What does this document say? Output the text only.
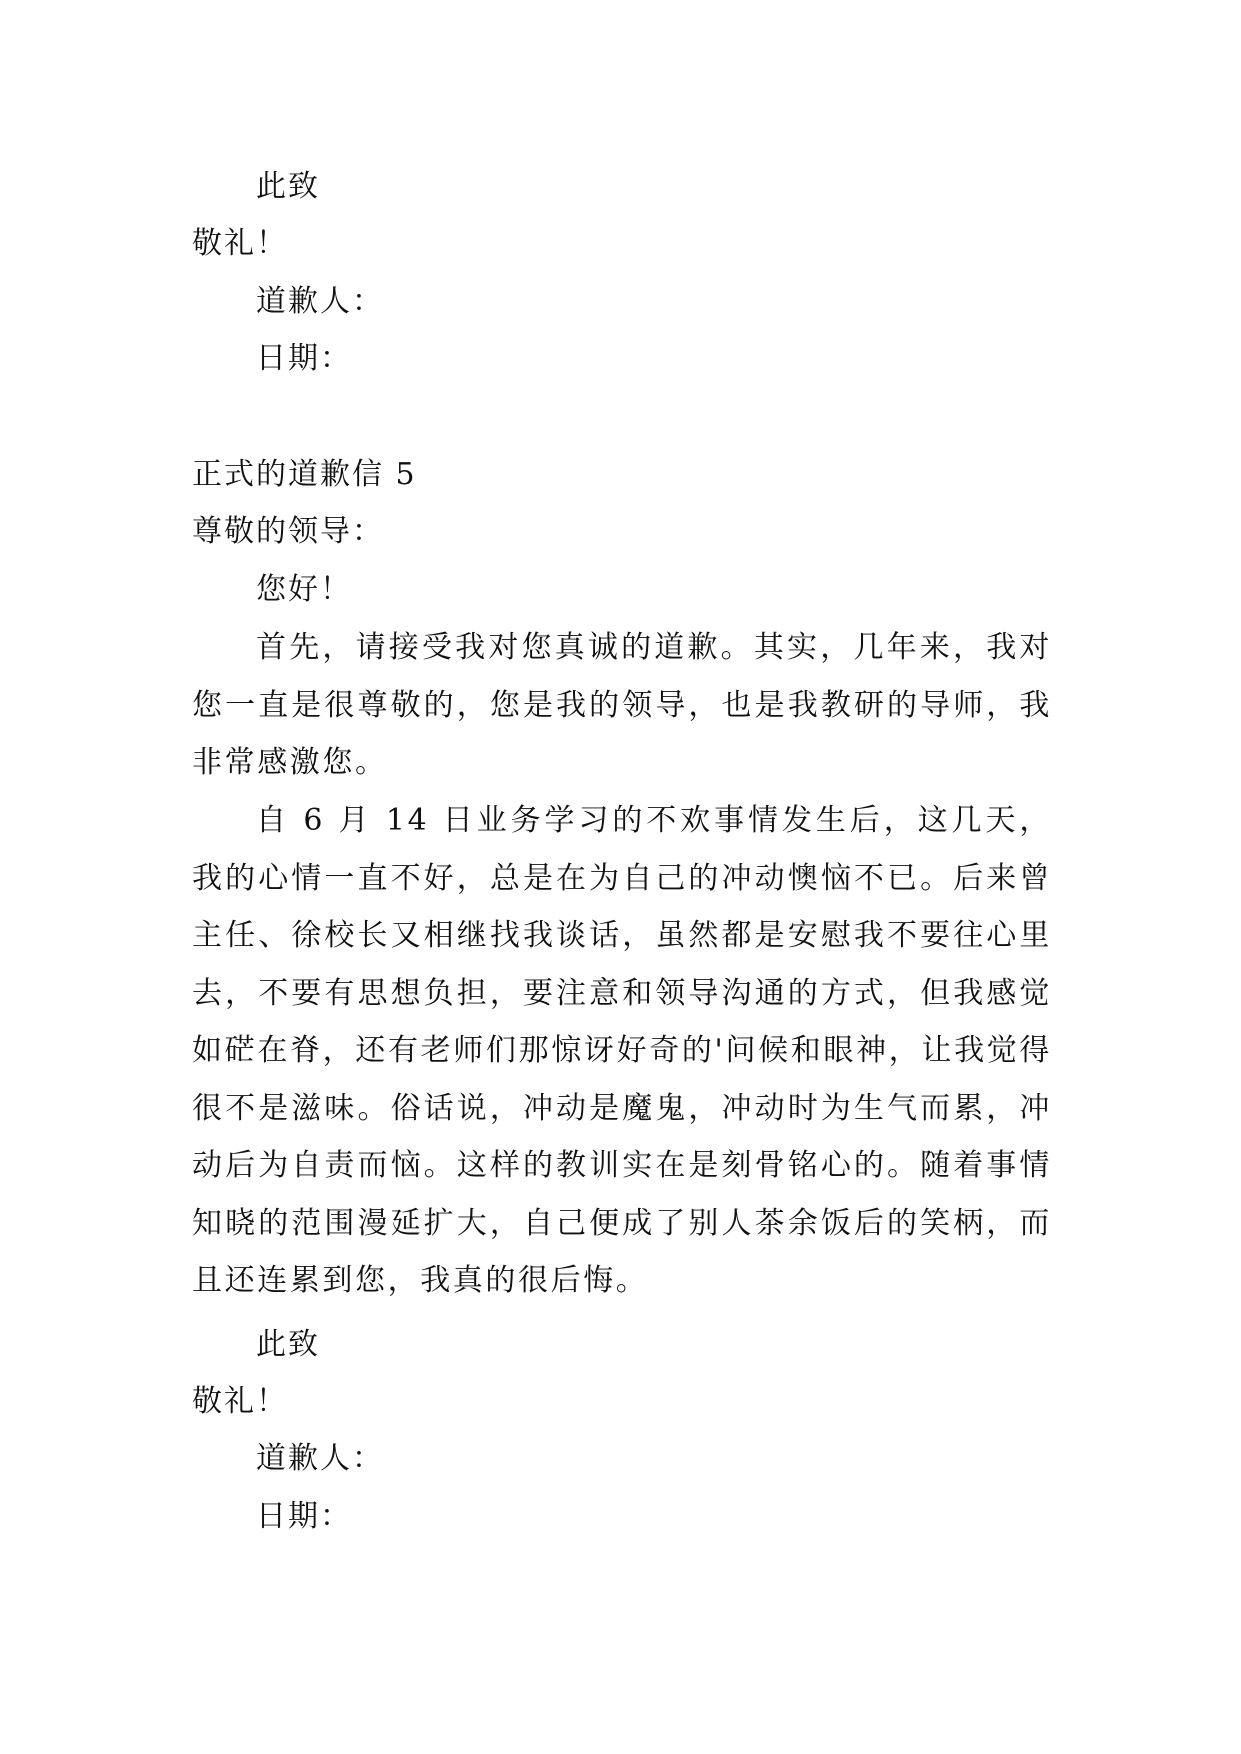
此致
敬礼！
道歉人：
日期：
正式的道歉信 5
尊敬的领导：
您好！

首先，请接受我对您真诚的道歉。其实，几年来，我对您一直是很尊敬的，您是我的领导，也是我教研的导师，我非常感激您。

自 6 月 14 日业务学习的不欢事情发生后，这几天，我的心情一直不好，总是在为自己的冲动懊恼不已。后来曾主任、徐校长又相继找我谈话，虽然都是安慰我不要往心里去，不要有思想负担，要注意和领导沟通的方式，但我感觉如硭在脊，还有老师们那惊讶好奇的'问候和眼神，让我觉得很不是滋味。俗话说，冲动是魔鬼，冲动时为生气而累，冲动后为自责而恼。这样的教训实在是刻骨铭心的。随着事情知晓的范围漫延扩大，自己便成了别人茶余饭后的笑柄，而且还连累到您，我真的很后悔。

此致
敬礼！
道歉人：
日期：
